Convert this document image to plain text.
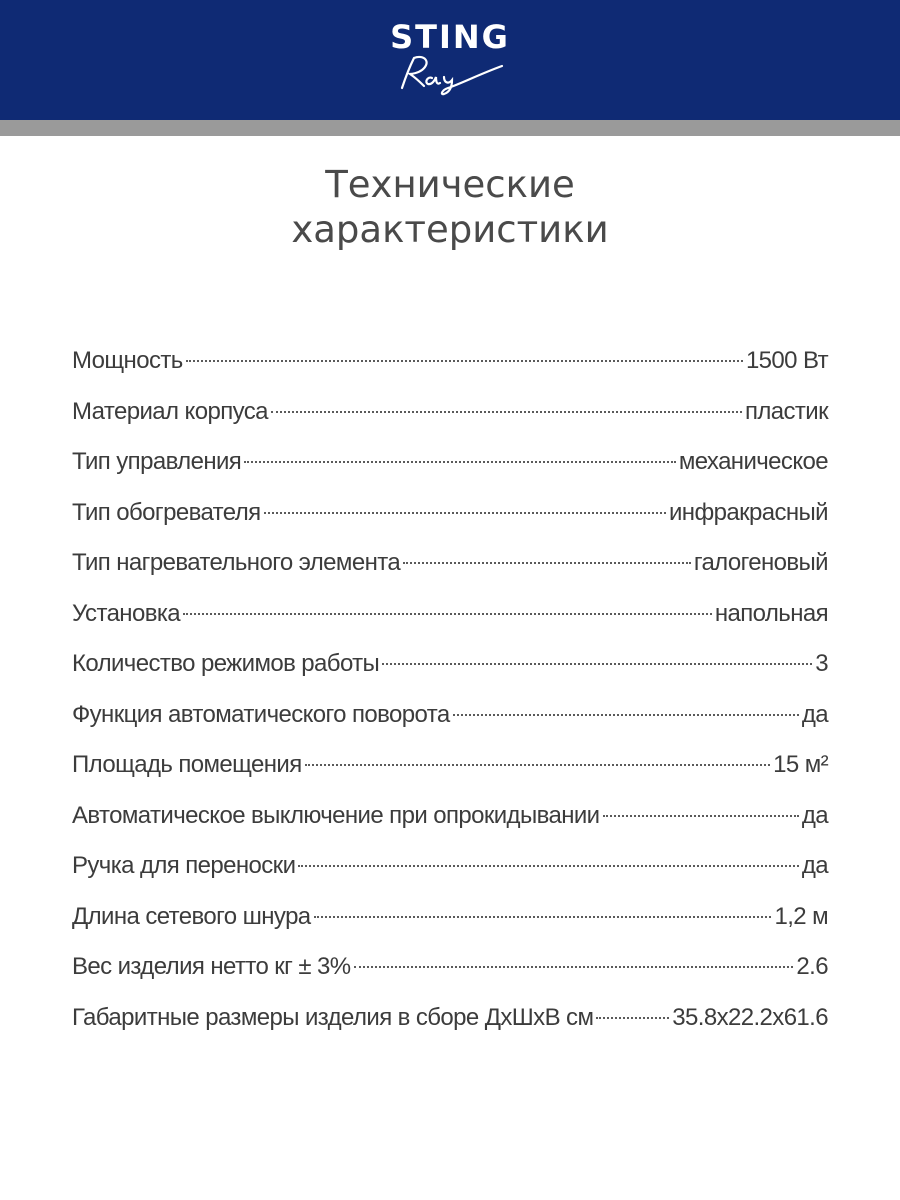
STING
Технические
характеристики
Мощность	1500 Вт
Материал корпуса	пластик
Тип управления	механическое
Тип обогревателя	инфракрасный
Тип нагревательного элемента	галогеновый
Установка	напольная
Количество режимов работы	3
Функция автоматического поворота	да
Площадь помещения	15 м²
Автоматическое выключение при опрокидывании	да
Ручка для переноски	да
Длина сетевого шнура	1,2 м
Вес изделия нетто кг ± 3%	2.6
Габаритные размеры изделия в сборе ДхШхВ см	35.8х22.2х61.6
